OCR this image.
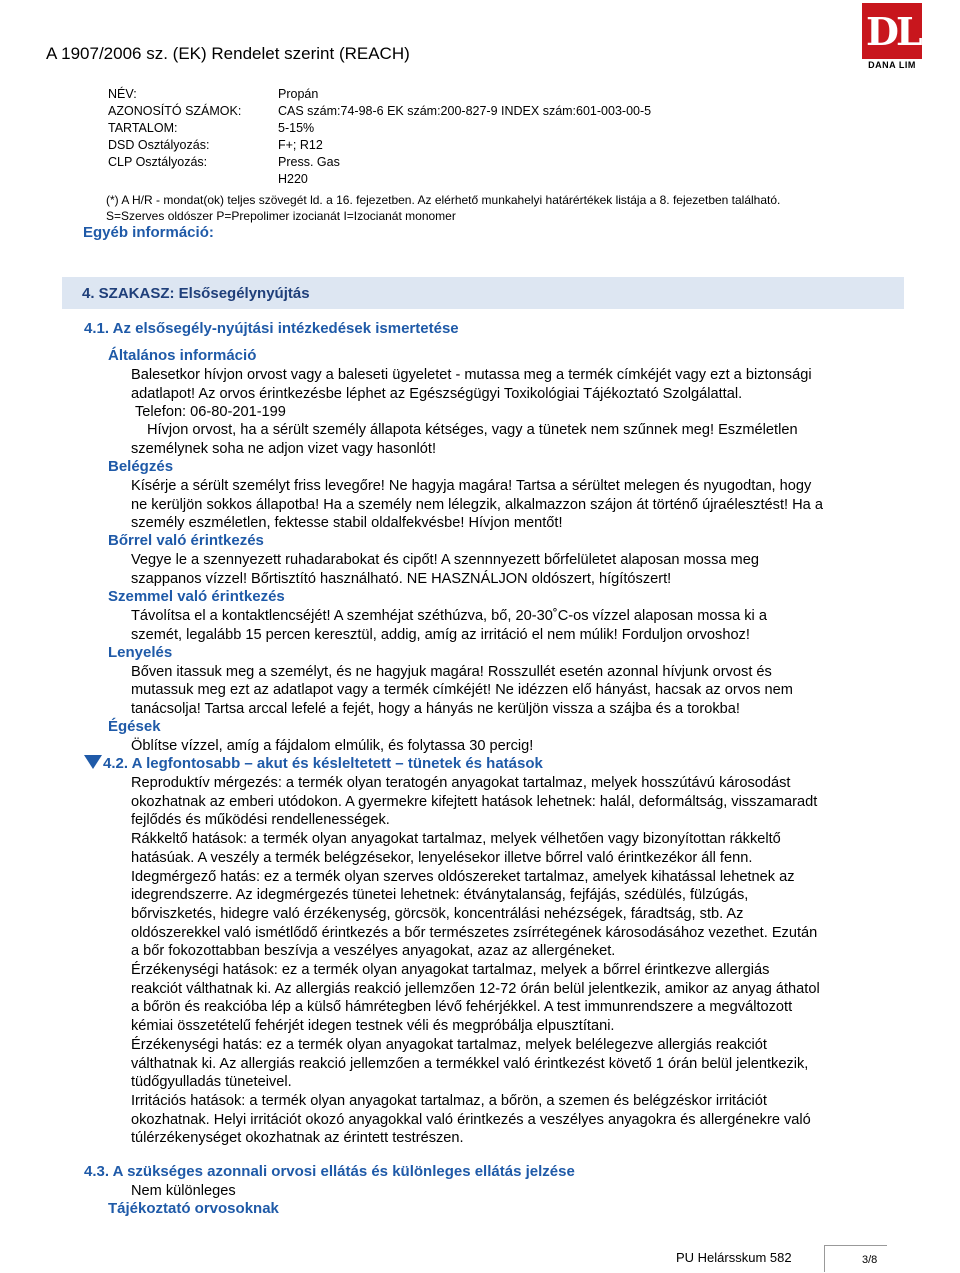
A 1907/2006 sz. (EK) Rendelet szerint (REACH)	DL
DANA LIM
NÉV:	Propán
AZONOSÍTÓ SZÁMOK:	CAS szám:74-98-6 EK szám:200-827-9 INDEX szám:601-003-00-5
TARTALOM:	5-15%
DSD Osztályozás:	F+; R12
CLP Osztályozás:	Press. Gas
H220
(*) A H/R - mondat(ok) teljes szövegét ld. a 16. fejezetben. Az elérhető munkahelyi határértékek listája a 8. fejezetben található.
S=Szerves oldószer P=Prepolimer izocianát I=Izocianát monomer
Egyéb információ:
4. SZAKASZ: Elsősegélynyújtás
4.1. Az elsősegély-nyújtási intézkedések ismertetése
Általános információ
Balesetkor hívjon orvost vagy a baleseti ügyeletet - mutassa meg a termék címkéjét vagy ezt a biztonsági
adatlapot! Az orvos érintkezésbe léphet az Egészségügyi Toxikológiai Tájékoztató Szolgálattal.
Telefon: 06-80-201-199
Hívjon orvost, ha a sérült személy állapota kétséges, vagy a tünetek nem szűnnek meg! Eszméletlen
személynek soha ne adjon vizet vagy hasonlót!
Belégzés
Kísérje a sérült személyt friss levegőre! Ne hagyja magára! Tartsa a sérültet melegen és nyugodtan, hogy
ne kerüljön sokkos állapotba! Ha a személy nem lélegzik, alkalmazzon szájon át történő újraélesztést! Ha a
személy eszméletlen, fektesse stabil oldalfekvésbe! Hívjon mentőt!
Bőrrel való érintkezés
Vegye le a szennyezett ruhadarabokat és cipőt! A szennnyezett bőrfelületet alaposan mossa meg
szappanos vízzel! Bőrtisztító használható. NE HASZNÁLJON oldószert, hígítószert!
Szemmel való érintkezés
Távolítsa el a kontaktlencséjét! A szemhéjat széthúzva, bő, 20-30˚C-os vízzel alaposan mossa ki a
szemét, legalább 15 percen keresztül, addig, amíg az irritáció el nem múlik! Forduljon orvoshoz!
Lenyelés
Bőven itassuk meg a személyt, és ne hagyjuk magára! Rosszullét esetén azonnal hívjunk orvost és
mutassuk meg ezt az adatlapot vagy a termék címkéjét! Ne idézzen elő hányást, hacsak az orvos nem
tanácsolja! Tartsa arccal lefelé a fejét, hogy a hányás ne kerüljön vissza a szájba és a torokba!
Égések
Öblítse vízzel, amíg a fájdalom elmúlik, és folytassa 30 percig!
4.2. A legfontosabb – akut és késleltetett – tünetek és hatások
Reproduktív mérgezés: a termék olyan teratogén anyagokat tartalmaz, melyek hosszútávú károsodást
okozhatnak az emberi utódokon. A gyermekre kifejtett hatások lehetnek: halál, deformáltság, visszamaradt
fejlődés és működési rendellenességek.
Rákkeltő hatások: a termék olyan anyagokat tartalmaz, melyek vélhetően vagy bizonyítottan rákkeltő
hatásúak. A veszély a termék belégzésekor, lenyelésekor illetve bőrrel való érintkezékor áll fenn.
Idegmérgező hatás: ez a termék olyan szerves oldószereket tartalmaz, amelyek kihatással lehetnek az
idegrendszerre. Az idegmérgezés tünetei lehetnek: étványtalanság, fejfájás, szédülés, fülzúgás,
bőrviszketés, hidegre való érzékenység, görcsök, koncentrálási nehézségek, fáradtság, stb. Az
oldószerekkel való ismétlődő érintkezés a bőr természetes zsírrétegének károsodásához vezethet. Ezután
a bőr fokozottabban beszívja a veszélyes anyagokat, azaz az allergéneket.
Érzékenységi hatások: ez a termék olyan anyagokat tartalmaz, melyek a bőrrel érintkezve allergiás
reakciót válthatnak ki. Az allergiás reakció jellemzően 12-72 órán belül jelentkezik, amikor az anyag áthatol
a bőrön és reakcióba lép a külső hámrétegben lévő fehérjékkel. A test immunrendszere a megváltozott
kémiai összetételű fehérjét idegen testnek véli és megpróbálja elpusztítani.
Érzékenységi hatás: ez a termék olyan anyagokat tartalmaz, melyek belélegezve allergiás reakciót
válthatnak ki. Az allergiás reakció jellemzően a termékkel való érintkezést követő 1 órán belül jelentkezik,
tüdőgyulladás tüneteivel.
Irritációs hatások: a termék olyan anyagokat tartalmaz, a bőrön, a szemen és belégzéskor irritációt
okozhatnak. Helyi irritációt okozó anyagokkal való érintkezés a veszélyes anyagokra és allergénekre való
túlérzékenységet okozhatnak az érintett testrészen.
4.3. A szükséges azonnali orvosi ellátás és különleges ellátás jelzése
Nem különleges
Tájékoztató orvosoknak
PU Helársskum 582	3/8
